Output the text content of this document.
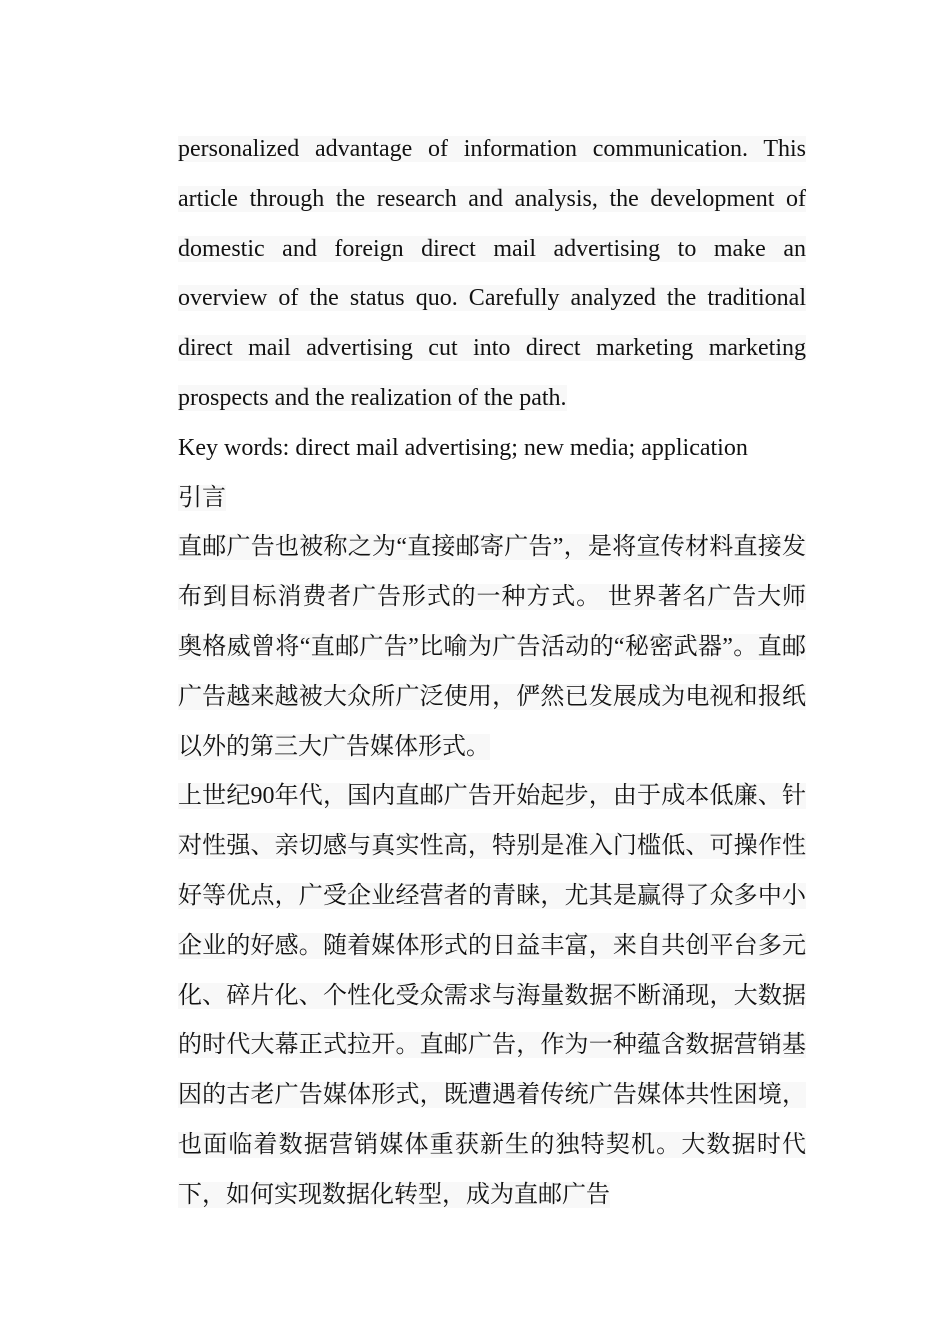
personalized advantage of information communication. This article through the research and analysis, the development of domestic and foreign direct mail advertising to make an overview of the status quo. Carefully analyzed the traditional direct mail advertising cut into direct marketing marketing prospects and the realization of the path.

Key words: direct mail advertising; new media; application

引言

直邮广告也被称之为“直接邮寄广告”，是将宣传材料直接发布到目标消费者广告形式的一种方式。 世界著名广告大师奥格威曾将“直邮广告”比喻为广告活动的“秘密武器”。直邮广告越来越被大众所广泛使用，俨然已发展成为电视和报纸以外的第三大广告媒体形式。

上世纪90年代，国内直邮广告开始起步，由于成本低廉、针对性强、亲切感与真实性高，特别是准入门槛低、可操作性好等优点，广受企业经营者的青睐，尤其是赢得了众多中小企业的好感。随着媒体形式的日益丰富，来自共创平台多元化、碎片化、个性化受众需求与海量数据不断涌现，大数据的时代大幕正式拉开。直邮广告，作为一种蕴含数据营销基因的古老广告媒体形式，既遭遇着传统广告媒体共性困境，也面临着数据营销媒体重获新生的独特契机。大数据时代下，如何实现数据化转型，成为直邮广告
